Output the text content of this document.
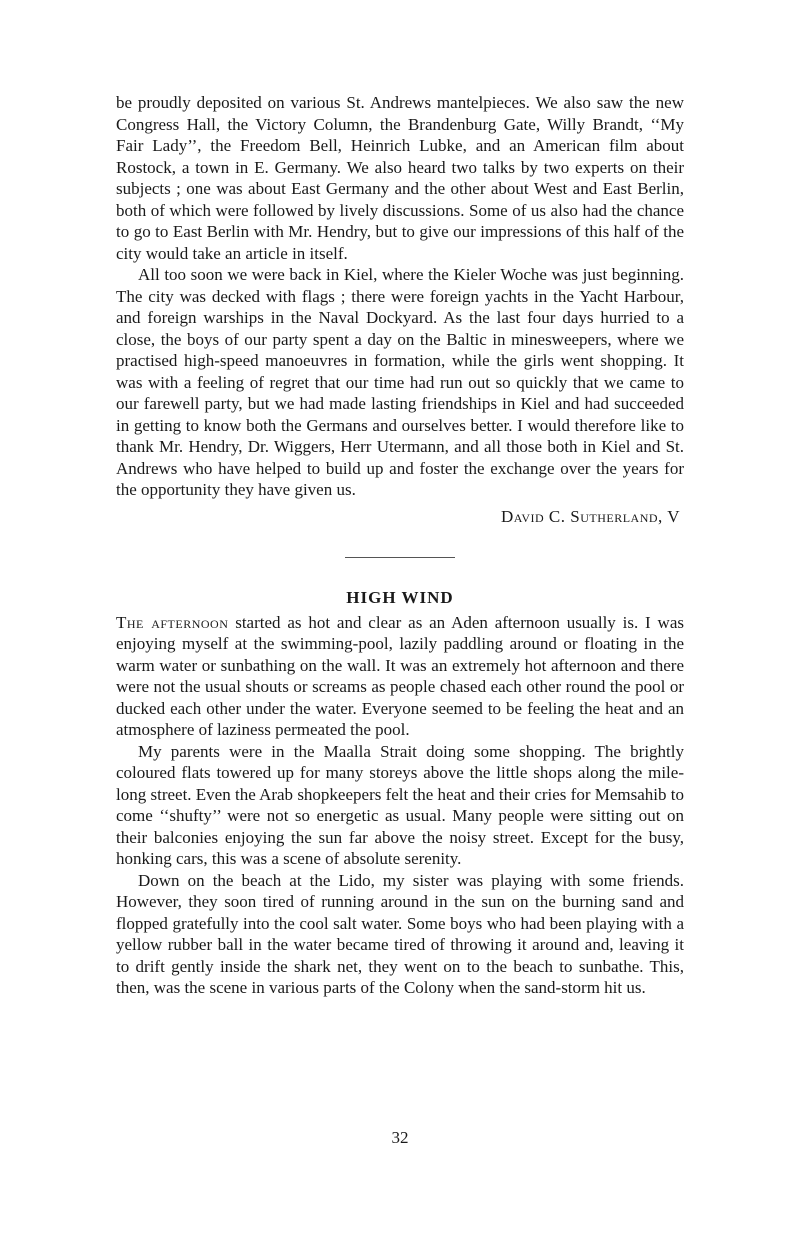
be proudly deposited on various St. Andrews mantelpieces. We also saw the new Congress Hall, the Victory Column, the Brandenburg Gate, Willy Brandt, ‘‘My Fair Lady’’, the Freedom Bell, Heinrich Lubke, and an American film about Rostock, a town in E. Germany. We also heard two talks by two experts on their subjects ; one was about East Germany and the other about West and East Berlin, both of which were followed by lively discussions. Some of us also had the chance to go to East Berlin with Mr. Hendry, but to give our impressions of this half of the city would take an article in itself.

All too soon we were back in Kiel, where the Kieler Woche was just beginning. The city was decked with flags ; there were foreign yachts in the Yacht Harbour, and foreign warships in the Naval Dockyard. As the last four days hurried to a close, the boys of our party spent a day on the Baltic in minesweepers, where we practised high-speed manoeuvres in formation, while the girls went shopping. It was with a feeling of regret that our time had run out so quickly that we came to our farewell party, but we had made lasting friendships in Kiel and had succeeded in getting to know both the Germans and ourselves better. I would therefore like to thank Mr. Hendry, Dr. Wiggers, Herr Utermann, and all those both in Kiel and St. Andrews who have helped to build up and foster the exchange over the years for the opportunity they have given us.

David C. Sutherland, V
HIGH WIND

The afternoon started as hot and clear as an Aden afternoon usually is. I was enjoying myself at the swimming-pool, lazily paddling around or floating in the warm water or sunbathing on the wall. It was an extremely hot afternoon and there were not the usual shouts or screams as people chased each other round the pool or ducked each other under the water. Everyone seemed to be feeling the heat and an atmosphere of laziness permeated the pool.

My parents were in the Maalla Strait doing some shopping. The brightly coloured flats towered up for many storeys above the little shops along the mile-long street. Even the Arab shopkeepers felt the heat and their cries for Memsahib to come ‘‘shufty’’ were not so energetic as usual. Many people were sitting out on their balconies enjoying the sun far above the noisy street. Except for the busy, honking cars, this was a scene of absolute serenity.

Down on the beach at the Lido, my sister was playing with some friends. However, they soon tired of running around in the sun on the burning sand and flopped gratefully into the cool salt water. Some boys who had been playing with a yellow rubber ball in the water became tired of throwing it around and, leaving it to drift gently inside the shark net, they went on to the beach to sunbathe. This, then, was the scene in various parts of the Colony when the sand-storm hit us.

32
